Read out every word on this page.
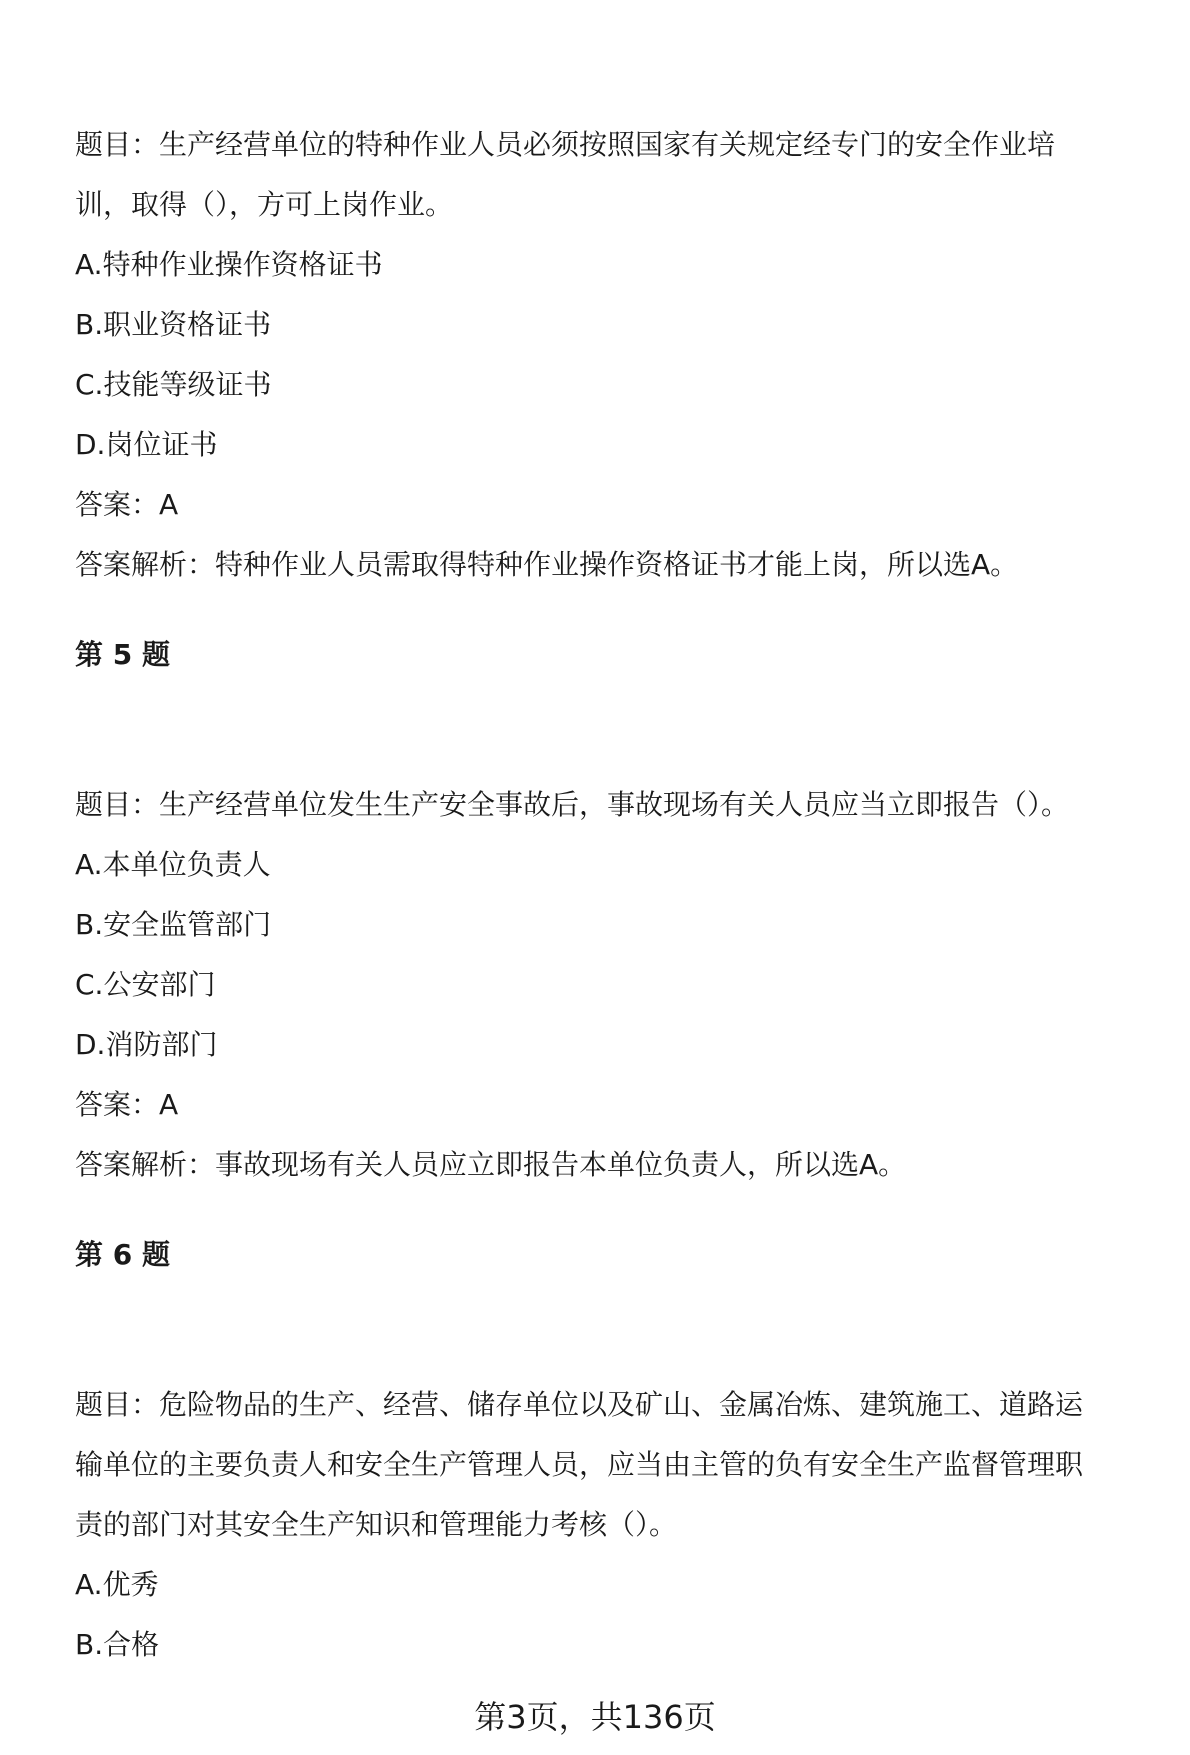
题目：生产经营单位的特种作业人员必须按照国家有关规定经专门的安全作业培
训，取得（），方可上岗作业。
A.特种作业操作资格证书
B.职业资格证书
C.技能等级证书
D.岗位证书
答案：A
答案解析：特种作业人员需取得特种作业操作资格证书才能上岗，所以选A。
第 5 题
题目：生产经营单位发生生产安全事故后，事故现场有关人员应当立即报告（）。
A.本单位负责人
B.安全监管部门
C.公安部门
D.消防部门
答案：A
答案解析：事故现场有关人员应立即报告本单位负责人，所以选A。
第 6 题
题目：危险物品的生产、经营、储存单位以及矿山、金属冶炼、建筑施工、道路运
输单位的主要负责人和安全生产管理人员，应当由主管的负有安全生产监督管理职
责的部门对其安全生产知识和管理能力考核（）。
A.优秀
B.合格
第3页，共136页
